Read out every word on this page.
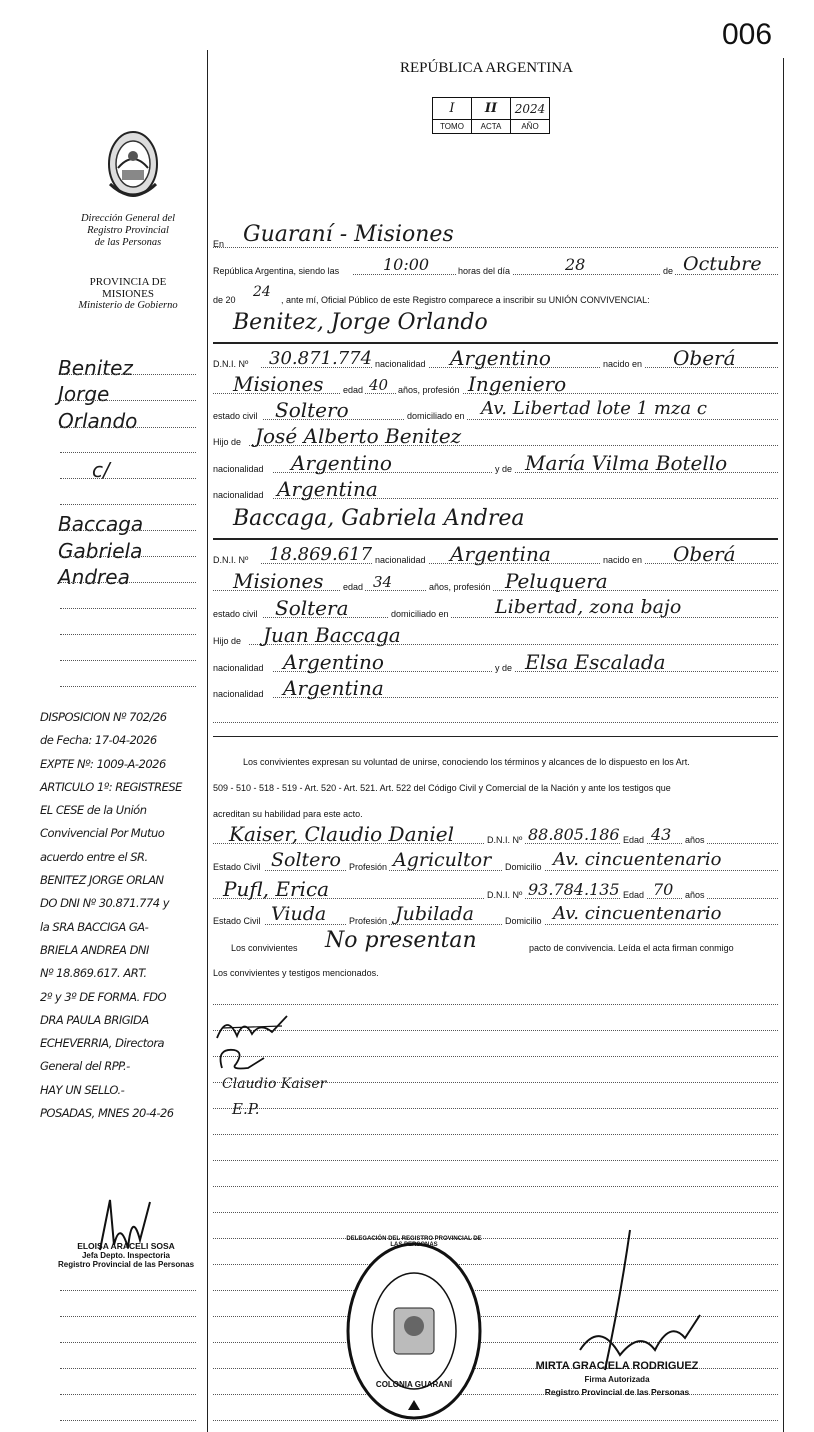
006
REPÚBLICA ARGENTINA
I	II	2024
TOMO	ACTA	AÑO
Dirección General del
Registro Provincial
de las Personas
PROVINCIA DE
MISIONES
Ministerio de Gobierno
Benitez
Jorge
Orlando
c/
Baccaga
Gabriela
Andrea
DISPOSICION Nº 702/26
de Fecha: 17-04-2026
EXPTE Nº: 1009-A-2026
ARTICULO 1º: REGISTRESE
EL CESE de la Unión
Convivencial Por Mutuo
acuerdo entre el SR.
BENITEZ JORGE ORLAN
DO DNI Nº 30.871.774 y
la SRA BACCIGA GA-
BRIELA ANDREA DNI
Nº 18.869.617. ART.
2º y 3º DE FORMA. FDO
DRA PAULA BRIGIDA
ECHEVERRIA, Directora
General del RPP.-
HAY UN SELLO.-
POSADAS, MNES 20-4-26
ELOISA ARACELI SOSA
Jefa Depto. Inspectoria
Registro Provincial de las Personas
En Guaraní - Misiones
República Argentina, siendo las	10:00	horas del día	28	de Octubre
de 20 24 , ante mí, Oficial Público de este Registro comparece a inscribir su UNIÓN CONVIVENCIAL:
Benitez, Jorge Orlando
D.N.I. Nº 30.871.774 nacionalidad Argentino	nacido en Oberá
Misiones edad 40 años, profesión Ingeniero
estado civil Soltero	domiciliado en Av. Libertad lote 1 mza c
Hijo de José Alberto Benitez
nacionalidad Argentino	y de María Vilma Botello
nacionalidad Argentina
Baccaga, Gabriela Andrea
D.N.I. Nº 18.869.617 nacionalidad Argentina	nacido en Oberá
Misiones edad 34	años, profesión Peluquera
estado civil Soltera	domiciliado en Libertad, zona bajo
Hijo de Juan Baccaga
nacionalidad Argentino	y de Elsa Escalada
nacionalidad Argentina
Los convivientes expresan su voluntad de unirse, conociendo los términos y alcances de lo dispuesto en los Art.
509 - 510 - 518 - 519 - Art. 520 - Art. 521. Art. 522 del Código Civil y Comercial de la Nación y ante los testigos que
acreditan su habilidad para este acto.
Kaiser, Claudio Daniel	D.N.I. Nº 88.805.186 Edad 43 años
Estado Civil Soltero Profesión Agricultor Domicilio Av. cincuentenario
Pufl, Erica	D.N.I. Nº 93.784.135 Edad 70 años
Estado Civil Viuda	Profesión Jubilada	Domicilio Av. cincuentenario
Los convivientes No presentan	pacto de convivencia. Leída el acta firman conmigo
Los convivientes y testigos mencionados.
Claudio Kaiser
E.P.
DELEGACIÓN DEL REGISTRO PROVINCIAL DE LAS PERSONAS
COLONIA GUARANÍ
MIRTA GRACIELA RODRIGUEZ
Firma Autorizada
Registro Provincial de las Personas
